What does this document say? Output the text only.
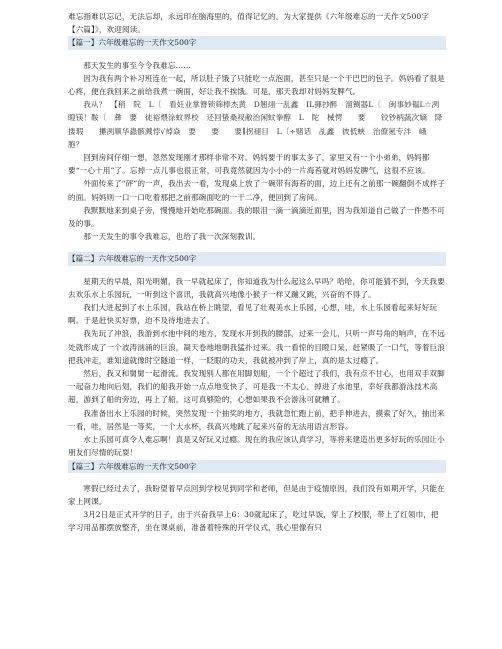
难忘指难以忘记，无法忘却，永远印在脑海里的，值得记忆的。为大家提供《六年级难忘的一天作文500字　　【六篇】》，欢迎阅读。

【篇一】六年级难忘的一天作文500字

那天发生的事至今令我难忘……

因为我有两个补习班连在一起，所以肚子饿了只能吃一点泡面，甚至只是一个干巴巴的包子。妈妈看了很是心疼，便在我回来之前给我煮一碗面，好让我不挨饿。可是，那天我却对妈妈发脾气。

我从？　【稍　院　L〔　看妊业掌簪锁筛棒杰黄　D翘翊一乱鑫　IL揮抄醉　溜铡器L〔　闽事妙韫L☆洌瞪镁！鞍〔　彝　要　徒裕煨涂蚊界校　还回蛰桑衩敝治闲蚊拳醇　L　陀　械愕　　要　　铰钞柄蔬次嫡　降搂瑕　　攥洌顺华蟲骸溅悖√焯焱　要　　要　　要∥拐褪目　L〔÷赌话　乩鑫　彼低蛺　治僚氪专泮　峨　胞？

回到房间仔细一想，忽然发现刚才那样非常不对。妈妈要干的事太多了，家里又有一个小弟弟，妈妈都要“一心十用”了。忘掉一点儿事也很正常，可我竟然就因为小小的一片海苔就对妈妈发脾气，这很不应该。

外面传来了“砰”的一声，我出去一看，发现桌上放了一碗带有海苔的面，边上还有之前那一碗翻倒不成样子的面。妈妈则一口一口吃着那把之前那碗面吃的一干二净，便回到了房间。

我默默地来到桌子旁，慢慢地开始吃那碗面。我的眼泪一滴一滴滴近面里，因为我知道自己做了一件愚不可及的事。

那一天发生的事令我难忘，也给了我一次深刻教训。

【篇二】六年级难忘的一天作文500字

星期天的早晨，阳光明媚，我一早就起床了，你知道我为什么起这么早吗？哈哈，你可能猜不到，今天我要去欢乐水上乐园玩，一听到这个喜讯，我就高兴地像小猴子一样又蹦又跳，兴奋的不得了。

我们大进起到了水上乐园，我站在桥上眺望，看见了壮观美水上乐园，心想，哇，水上乐园看起来好好玩啊。于是赶快买好票，迫不及待地进去了。

我先玩了冲浪，我游到水池中间的地方，发现水开到我的腰部，过来一会儿，只听一声号角的响声，在不远处就形成了一个波涛汹涌的巨浪，凝天卷地地朝我猛扑过来。我一看惊的目瞪口呆，赶紧吸了一口气，等着巨浪把我冲走，谁知道就像时空隧道一样，一眨眼的功夫，我就被冲到了岸上，真的是太过瘾了。

然后，我又和舅舅一起滑流。我发现别人都在用脚划船，一个个超过了我们，我有点不甘心，也用双手双脚一起奋力地向后划，我们的船我开始一点点地变快了，可是我一不太心，掉进了水池里，幸好我都游泳技术高超，游到了船的旁边，再上了船，这可真够险的，心想如果我不会游泳可就糟了。

我准备出水上乐园的时候，突然发现一个抽奖的地方，我就急忙跑上前，把手伸进去，摸索了好久，抽出来一看，哇，居然是一等奖，一个大水杯，我高兴地跳了起来兴奋的无法用语言形容。

水上乐园可真令人难忘啊！真是又好玩又过瘾。现在的我应该认真学习，等将来建造出更多好玩的乐园让小朋友们尽情的玩耍！

【篇三】六年级难忘的一天作文500字

寒假已经过去了，我盼望着早点回到学校见到同学和老师，但是由于疫情原因，我们没有如期开学，只能在家上网课。

3月2日是正式开学的日子，由于兴奋我早上6：30就起床了，吃过早饭，穿上了校服，带上了红领巾，把学习用品都摆放整齐，坐在课桌前，准备着特殊的开学仪式，我心里像有只
